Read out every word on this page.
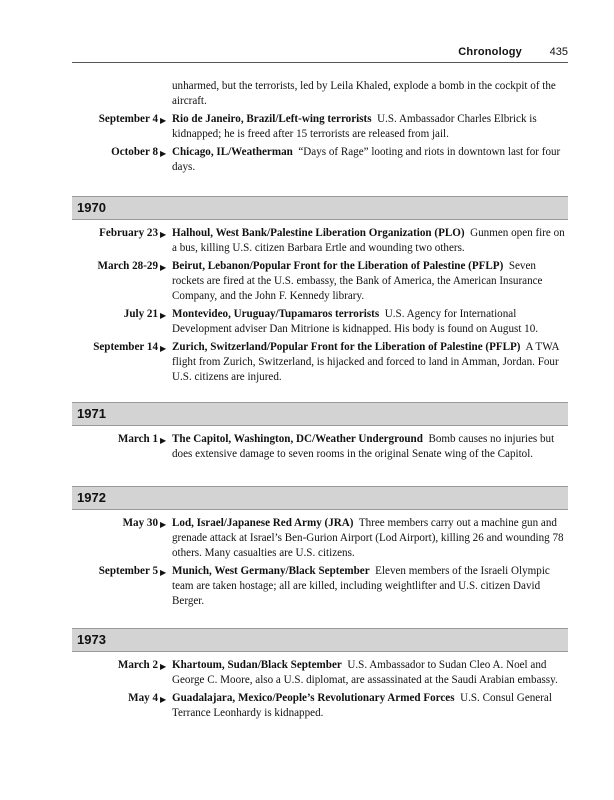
Chronology	435
unharmed, but the terrorists, led by Leila Khaled, explode a bomb in the cockpit of the aircraft.
September 4 ▶ Rio de Janeiro, Brazil/Left-wing terrorists U.S. Ambassador Charles Elbrick is kidnapped; he is freed after 15 terrorists are released from jail.
October 8 ▶ Chicago, IL/Weatherman “Days of Rage” looting and riots in downtown last for four days.
1970
February 23 ▶ Halhoul, West Bank/Palestine Liberation Organization (PLO) Gunmen open fire on a bus, killing U.S. citizen Barbara Ertle and wounding two others.
March 28-29 ▶ Beirut, Lebanon/Popular Front for the Liberation of Palestine (PFLP) Seven rockets are fired at the U.S. embassy, the Bank of America, the American Insurance Company, and the John F. Kennedy library.
July 21 ▶ Montevideo, Uruguay/Tupamaros terrorists U.S. Agency for International Development adviser Dan Mitrione is kidnapped. His body is found on August 10.
September 14 ▶ Zurich, Switzerland/Popular Front for the Liberation of Palestine (PFLP) A TWA flight from Zurich, Switzerland, is hijacked and forced to land in Amman, Jordan. Four U.S. citizens are injured.
1971
March 1 ▶ The Capitol, Washington, DC/Weather Underground Bomb causes no injuries but does extensive damage to seven rooms in the original Senate wing of the Capitol.
1972
May 30 ▶ Lod, Israel/Japanese Red Army (JRA) Three members carry out a machine gun and grenade attack at Israel’s Ben-Gurion Airport (Lod Airport), killing 26 and wounding 78 others. Many casualties are U.S. citizens.
September 5 ▶ Munich, West Germany/Black September Eleven members of the Israeli Olympic team are taken hostage; all are killed, including weightlifter and U.S. citizen David Berger.
1973
March 2 ▶ Khartoum, Sudan/Black September U.S. Ambassador to Sudan Cleo A. Noel and George C. Moore, also a U.S. diplomat, are assassinated at the Saudi Arabian embassy.
May 4 ▶ Guadalajara, Mexico/People’s Revolutionary Armed Forces U.S. Consul General Terrance Leonhardy is kidnapped.
